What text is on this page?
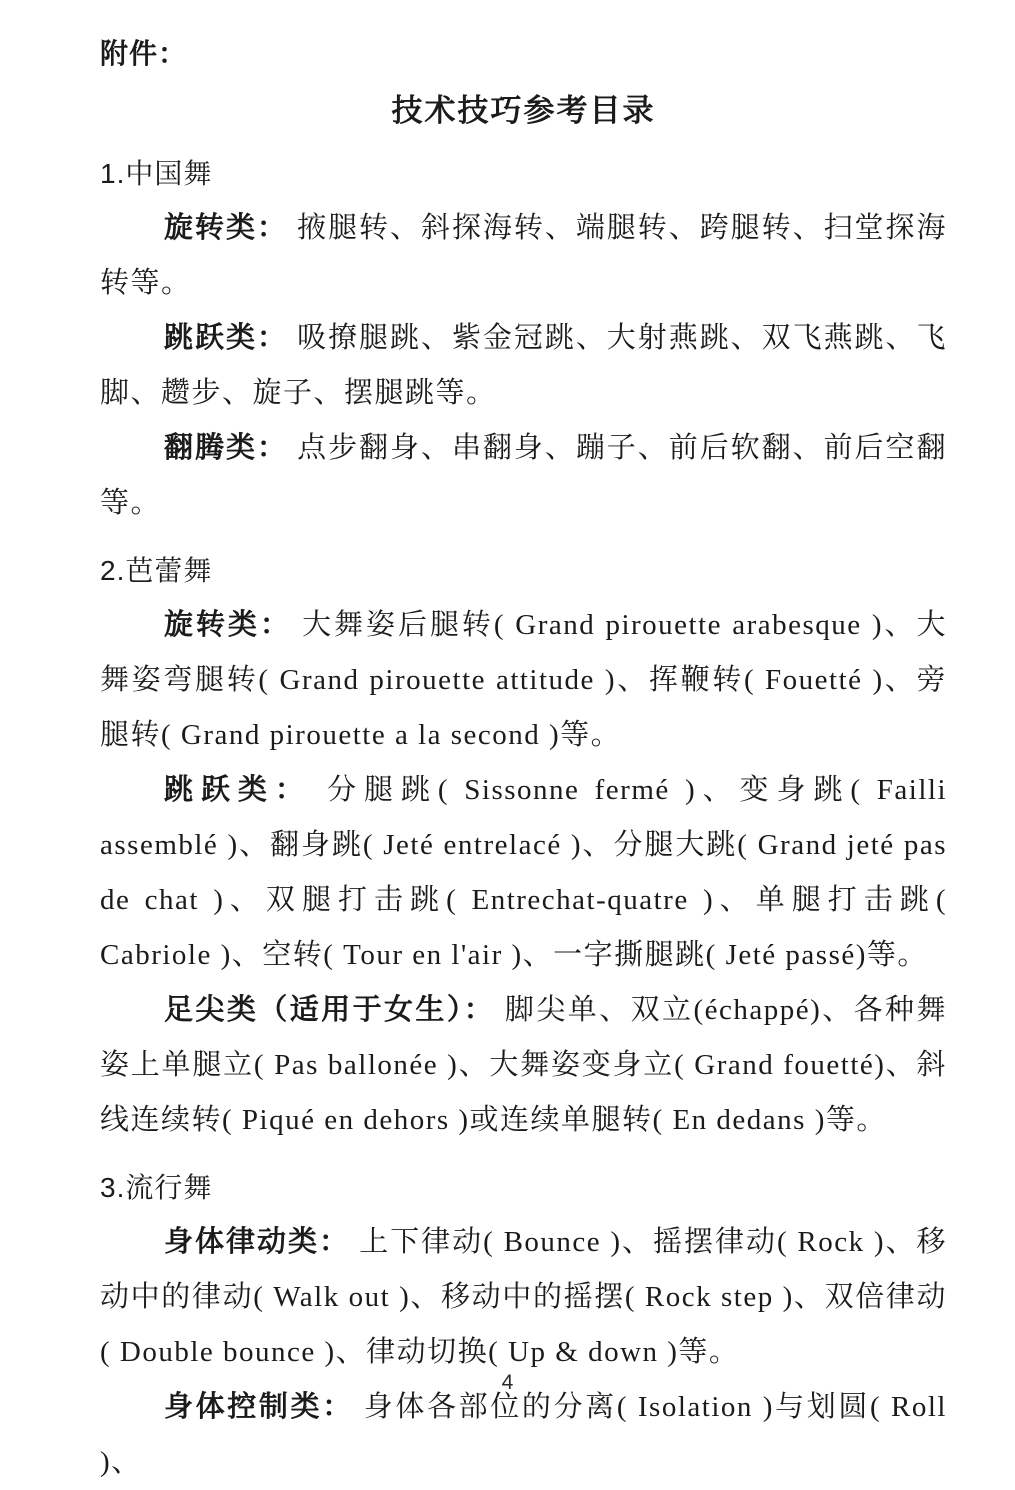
附件：
技术技巧参考目录
1.中国舞

旋转类： 掖腿转、斜探海转、端腿转、跨腿转、扫堂探海转等。

跳跃类： 吸撩腿跳、紫金冠跳、大射燕跳、双飞燕跳、飞脚、趱步、旋子、摆腿跳等。

翻腾类： 点步翻身、串翻身、蹦子、前后软翻、前后空翻等。

2.芭蕾舞

旋转类： 大舞姿后腿转( Grand pirouette arabesque )、大舞姿弯腿转( Grand pirouette attitude )、挥鞭转( Fouetté )、旁腿转( Grand pirouette a la second )等。

跳跃类： 分腿跳( Sissonne fermé )、变身跳( Failli assemblé )、翻身跳( Jeté entrelacé )、分腿大跳( Grand jeté pas de chat )、双腿打击跳( Entrechat-quatre )、单腿打击跳( Cabriole )、空转( Tour en l'air )、一字撕腿跳( Jeté passé)等。

足尖类（适用于女生）： 脚尖单、双立(échappé)、各种舞姿上单腿立( Pas ballonée )、大舞姿变身立( Grand fouetté)、斜线连续转( Piqué en dehors )或连续单腿转( En dedans )等。

3.流行舞

身体律动类： 上下律动( Bounce )、摇摆律动( Rock )、移动中的律动( Walk out )、移动中的摇摆( Rock step )、双倍律动( Double bounce )、律动切换( Up & down )等。

身体控制类： 身体各部位的分离( Isolation )与划圆( Roll )、

4
